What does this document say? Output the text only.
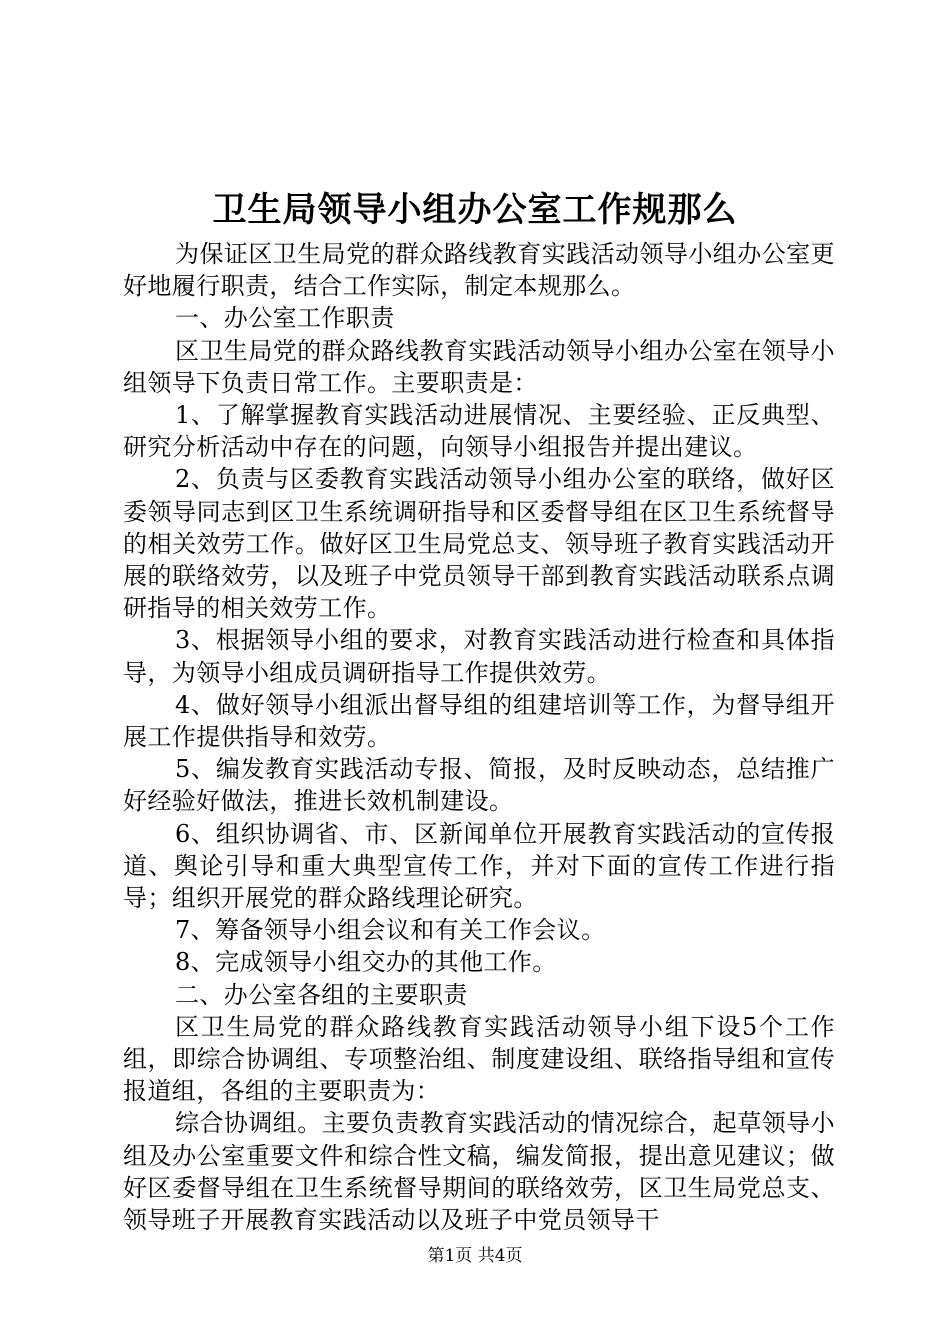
卫生局领导小组办公室工作规那么

为保证区卫生局党的群众路线教育实践活动领导小组办公室更好地履行职责，结合工作实际，制定本规那么。

一、办公室工作职责

区卫生局党的群众路线教育实践活动领导小组办公室在领导小组领导下负责日常工作。主要职责是：

1、了解掌握教育实践活动进展情况、主要经验、正反典型、研究分析活动中存在的问题，向领导小组报告并提出建议。

2、负责与区委教育实践活动领导小组办公室的联络，做好区委领导同志到区卫生系统调研指导和区委督导组在区卫生系统督导的相关效劳工作。做好区卫生局党总支、领导班子教育实践活动开展的联络效劳，以及班子中党员领导干部到教育实践活动联系点调研指导的相关效劳工作。

3、根据领导小组的要求，对教育实践活动进行检查和具体指导，为领导小组成员调研指导工作提供效劳。

4、做好领导小组派出督导组的组建培训等工作，为督导组开展工作提供指导和效劳。

5、编发教育实践活动专报、简报，及时反映动态，总结推广好经验好做法，推进长效机制建设。

6、组织协调省、市、区新闻单位开展教育实践活动的宣传报道、舆论引导和重大典型宣传工作，并对下面的宣传工作进行指导；组织开展党的群众路线理论研究。

7、筹备领导小组会议和有关工作会议。

8、完成领导小组交办的其他工作。

二、办公室各组的主要职责

区卫生局党的群众路线教育实践活动领导小组下设5个工作组，即综合协调组、专项整治组、制度建设组、联络指导组和宣传报道组，各组的主要职责为：

综合协调组。主要负责教育实践活动的情况综合，起草领导小组及办公室重要文件和综合性文稿，编发简报，提出意见建议；做好区委督导组在卫生系统督导期间的联络效劳，区卫生局党总支、领导班子开展教育实践活动以及班子中党员领导干

第1页 共4页
